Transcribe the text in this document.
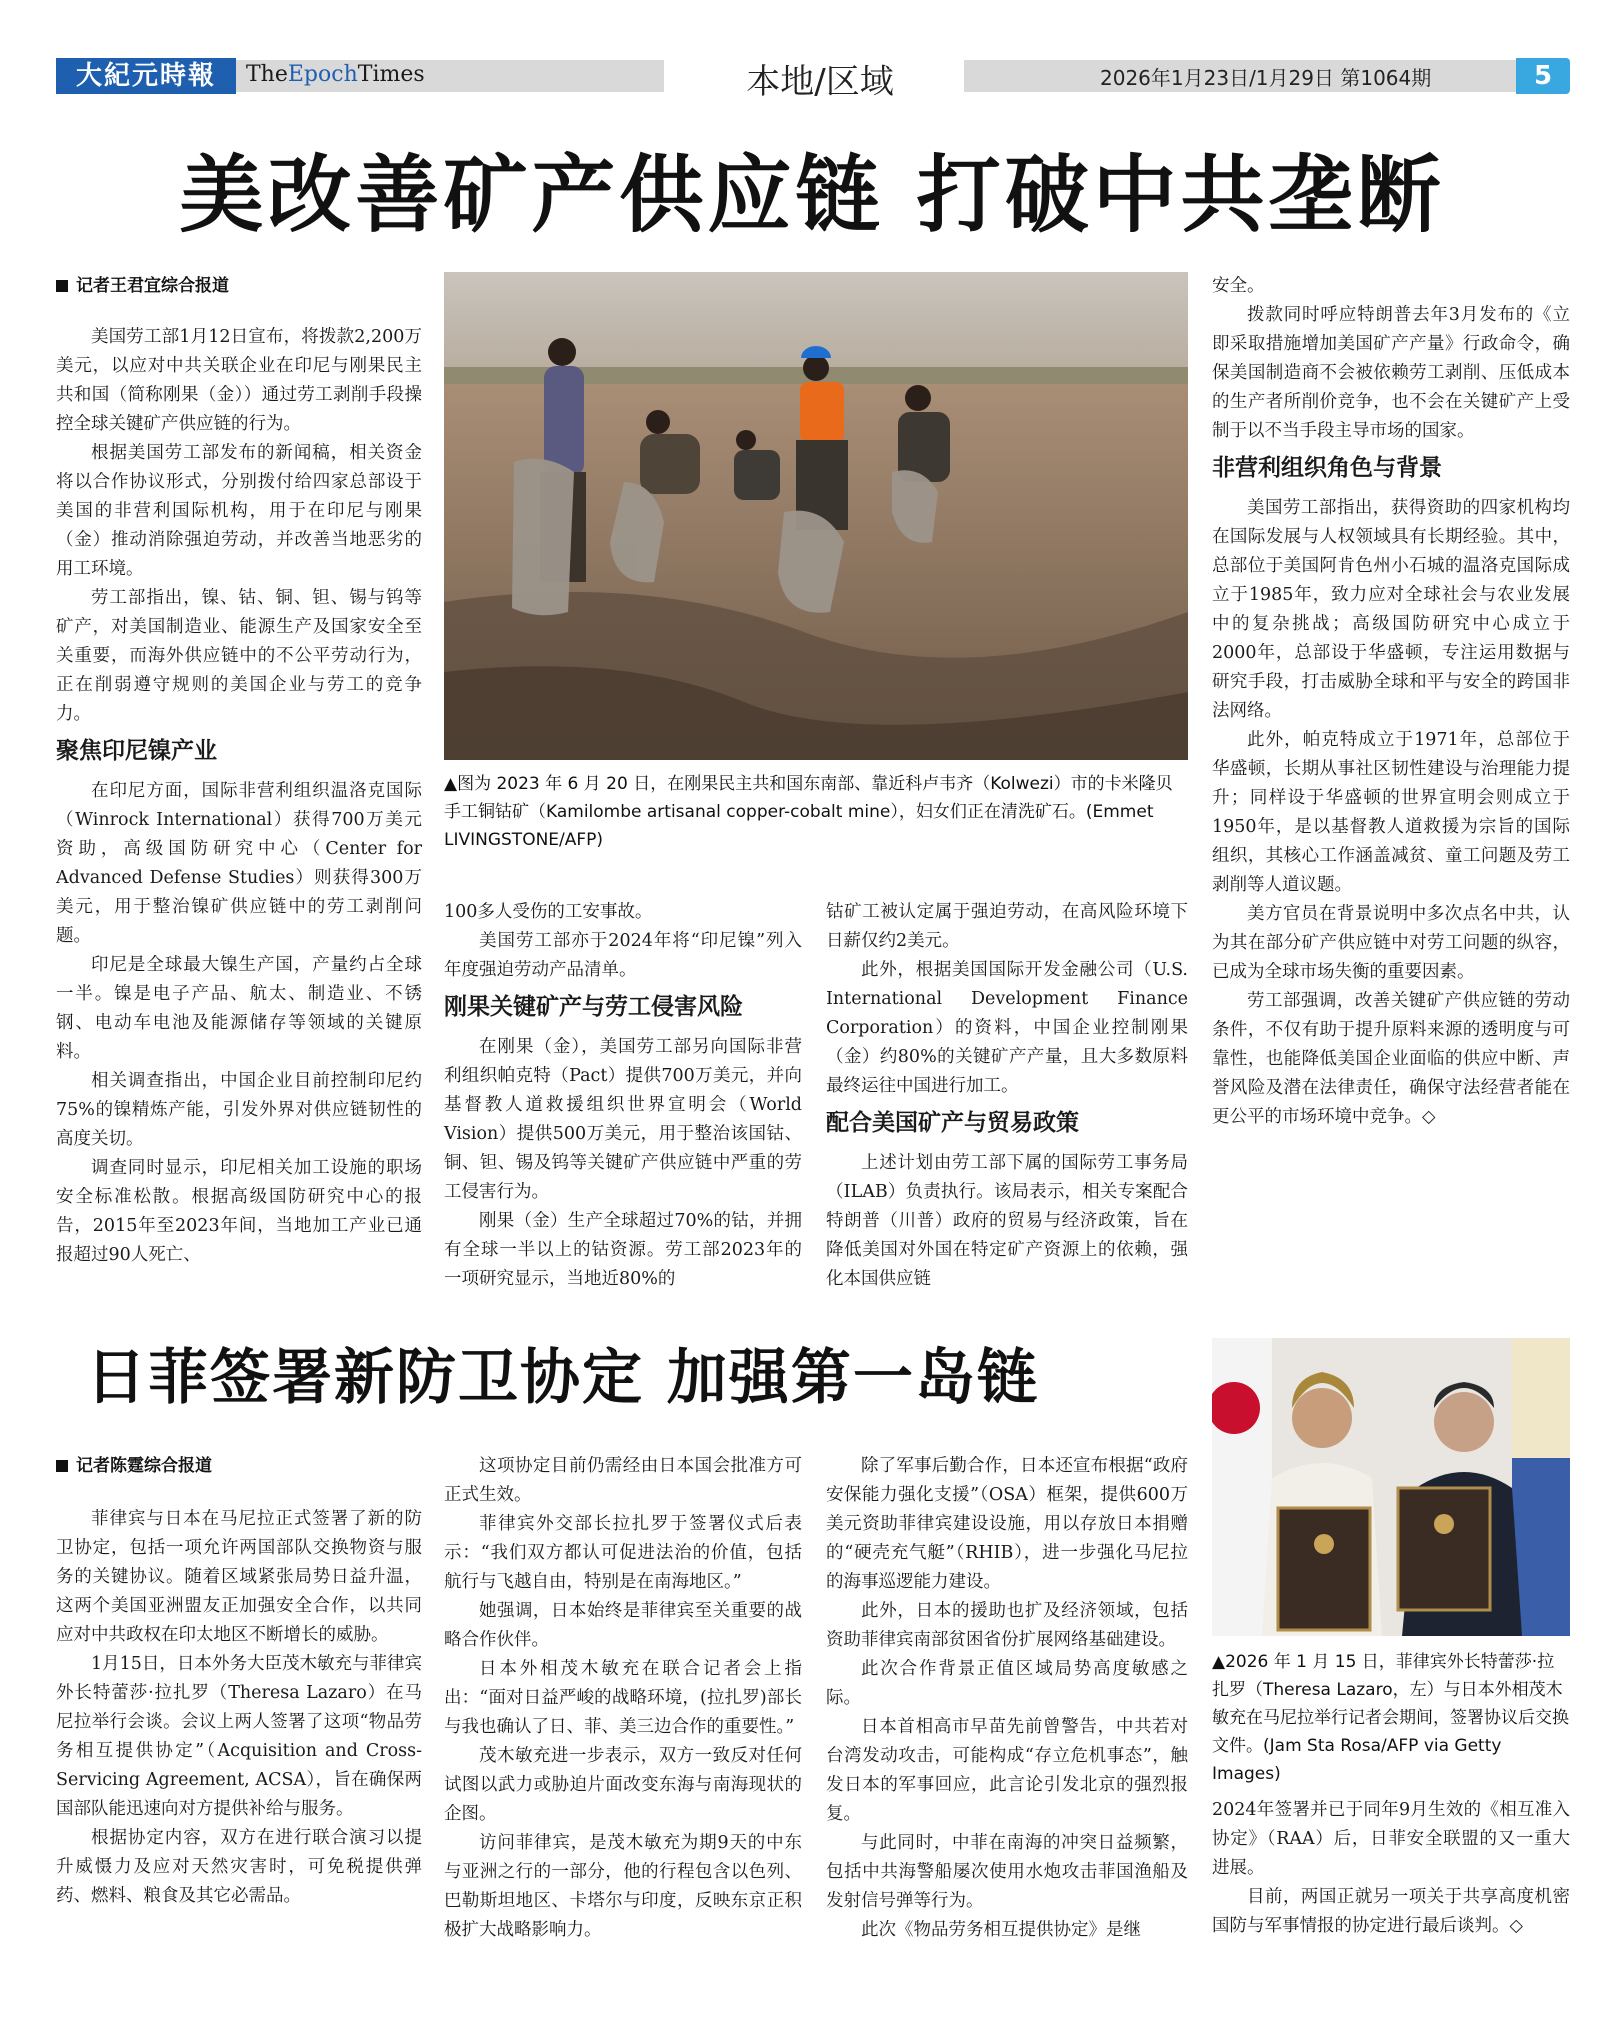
大紀元時報	TheEpochTimes	本地/区域	2026年1月23日/1月29日 第1064期	5
美改善矿产供应链 打破中共垄断
记者王君宜综合报道

美国劳工部1月12日宣布，将拨款2,200万美元，以应对中共关联企业在印尼与刚果民主共和国（简称刚果（金））通过劳工剥削手段操控全球关键矿产供应链的行为。

根据美国劳工部发布的新闻稿，相关资金将以合作协议形式，分别拨付给四家总部设于美国的非营利国际机构，用于在印尼与刚果（金）推动消除强迫劳动，并改善当地恶劣的用工环境。

劳工部指出，镍、钴、铜、钽、锡与钨等矿产，对美国制造业、能源生产及国家安全至关重要，而海外供应链中的不公平劳动行为，正在削弱遵守规则的美国企业与劳工的竞争力。

聚焦印尼镍产业

在印尼方面，国际非营利组织温洛克国际（Winrock International）获得700万美元资助，高级国防研究中心（Center for Advanced Defense Studies）则获得300万美元，用于整治镍矿供应链中的劳工剥削问题。

印尼是全球最大镍生产国，产量约占全球一半。镍是电子产品、航太、制造业、不锈钢、电动车电池及能源储存等领域的关键原料。

相关调查指出，中国企业目前控制印尼约75%的镍精炼产能，引发外界对供应链韧性的高度关切。

调查同时显示，印尼相关加工设施的职场安全标准松散。根据高级国防研究中心的报告，2015年至2023年间，当地加工产业已通报超过90人死亡、

▲图为 2023 年 6 月 20 日，在刚果民主共和国东南部、靠近科卢韦齐（Kolwezi）市的卡米隆贝手工铜钴矿（Kamilombe artisanal copper-cobalt mine），妇女们正在清洗矿石。(Emmet LIVINGSTONE/AFP)

100多人受伤的工安事故。

美国劳工部亦于2024年将“印尼镍”列入年度强迫劳动产品清单。

刚果关键矿产与劳工侵害风险

在刚果（金），美国劳工部另向国际非营利组织帕克特（Pact）提供700万美元，并向基督教人道救援组织世界宣明会（World Vision）提供500万美元，用于整治该国钴、铜、钽、锡及钨等关键矿产供应链中严重的劳工侵害行为。

刚果（金）生产全球超过70%的钴，并拥有全球一半以上的钴资源。劳工部2023年的一项研究显示，当地近80%的

钴矿工被认定属于强迫劳动，在高风险环境下日薪仅约2美元。

此外，根据美国国际开发金融公司（U.S. International Development Finance Corporation）的资料，中国企业控制刚果（金）约80%的关键矿产产量，且大多数原料最终运往中国进行加工。

配合美国矿产与贸易政策

上述计划由劳工部下属的国际劳工事务局（ILAB）负责执行。该局表示，相关专案配合特朗普（川普）政府的贸易与经济政策，旨在降低美国对外国在特定矿产资源上的依赖，强化本国供应链

安全。

拨款同时呼应特朗普去年3月发布的《立即采取措施增加美国矿产产量》行政命令，确保美国制造商不会被依赖劳工剥削、压低成本的生产者所削价竞争，也不会在关键矿产上受制于以不当手段主导市场的国家。

非营利组织角色与背景

美国劳工部指出，获得资助的四家机构均在国际发展与人权领域具有长期经验。其中，总部位于美国阿肯色州小石城的温洛克国际成立于1985年，致力应对全球社会与农业发展中的复杂挑战；高级国防研究中心成立于2000年，总部设于华盛顿，专注运用数据与研究手段，打击威胁全球和平与安全的跨国非法网络。

此外，帕克特成立于1971年，总部位于华盛顿，长期从事社区韧性建设与治理能力提升；同样设于华盛顿的世界宣明会则成立于1950年，是以基督教人道救援为宗旨的国际组织，其核心工作涵盖减贫、童工问题及劳工剥削等人道议题。

美方官员在背景说明中多次点名中共，认为其在部分矿产供应链中对劳工问题的纵容，已成为全球市场失衡的重要因素。

劳工部强调，改善关键矿产供应链的劳动条件，不仅有助于提升原料来源的透明度与可靠性，也能降低美国企业面临的供应中断、声誉风险及潜在法律责任，确保守法经营者能在更公平的市场环境中竞争。◇

日菲签署新防卫协定 加强第一岛链
记者陈霆综合报道

菲律宾与日本在马尼拉正式签署了新的防卫协定，包括一项允许两国部队交换物资与服务的关键协议。随着区域紧张局势日益升温，这两个美国亚洲盟友正加强安全合作，以共同应对中共政权在印太地区不断增长的威胁。

1月15日，日本外务大臣茂木敏充与菲律宾外长特蕾莎·拉扎罗（Theresa Lazaro）在马尼拉举行会谈。会议上两人签署了这项“物品劳务相互提供协定”（Acquisition and Cross-Servicing Agreement, ACSA），旨在确保两国部队能迅速向对方提供补给与服务。

根据协定内容，双方在进行联合演习以提升威慑力及应对天然灾害时，可免税提供弹药、燃料、粮食及其它必需品。

这项协定目前仍需经由日本国会批准方可正式生效。

菲律宾外交部长拉扎罗于签署仪式后表示：“我们双方都认可促进法治的价值，包括航行与飞越自由，特别是在南海地区。”

她强调，日本始终是菲律宾至关重要的战略合作伙伴。

日本外相茂木敏充在联合记者会上指出：“面对日益严峻的战略环境，(拉扎罗)部长与我也确认了日、菲、美三边合作的重要性。”

茂木敏充进一步表示，双方一致反对任何试图以武力或胁迫片面改变东海与南海现状的企图。

访问菲律宾，是茂木敏充为期9天的中东与亚洲之行的一部分，他的行程包含以色列、巴勒斯坦地区、卡塔尔与印度，反映东京正积极扩大战略影响力。

除了军事后勤合作，日本还宣布根据“政府安保能力强化支援”（OSA）框架，提供600万美元资助菲律宾建设设施，用以存放日本捐赠的“硬壳充气艇”（RHIB），进一步强化马尼拉的海事巡逻能力建设。

此外，日本的援助也扩及经济领域，包括资助菲律宾南部贫困省份扩展网络基础建设。

此次合作背景正值区域局势高度敏感之际。

日本首相高市早苗先前曾警告，中共若对台湾发动攻击，可能构成“存立危机事态”，触发日本的军事回应，此言论引发北京的强烈报复。

与此同时，中菲在南海的冲突日益频繁，包括中共海警船屡次使用水炮攻击菲国渔船及发射信号弹等行为。

此次《物品劳务相互提供协定》是继

▲2026 年 1 月 15 日，菲律宾外长特蕾莎·拉扎罗（Theresa Lazaro，左）与日本外相茂木敏充在马尼拉举行记者会期间，签署协议后交换文件。(Jam Sta Rosa/AFP via Getty Images)

2024年签署并已于同年9月生效的《相互准入协定》（RAA）后，日菲安全联盟的又一重大进展。

目前，两国正就另一项关于共享高度机密国防与军事情报的协定进行最后谈判。◇
